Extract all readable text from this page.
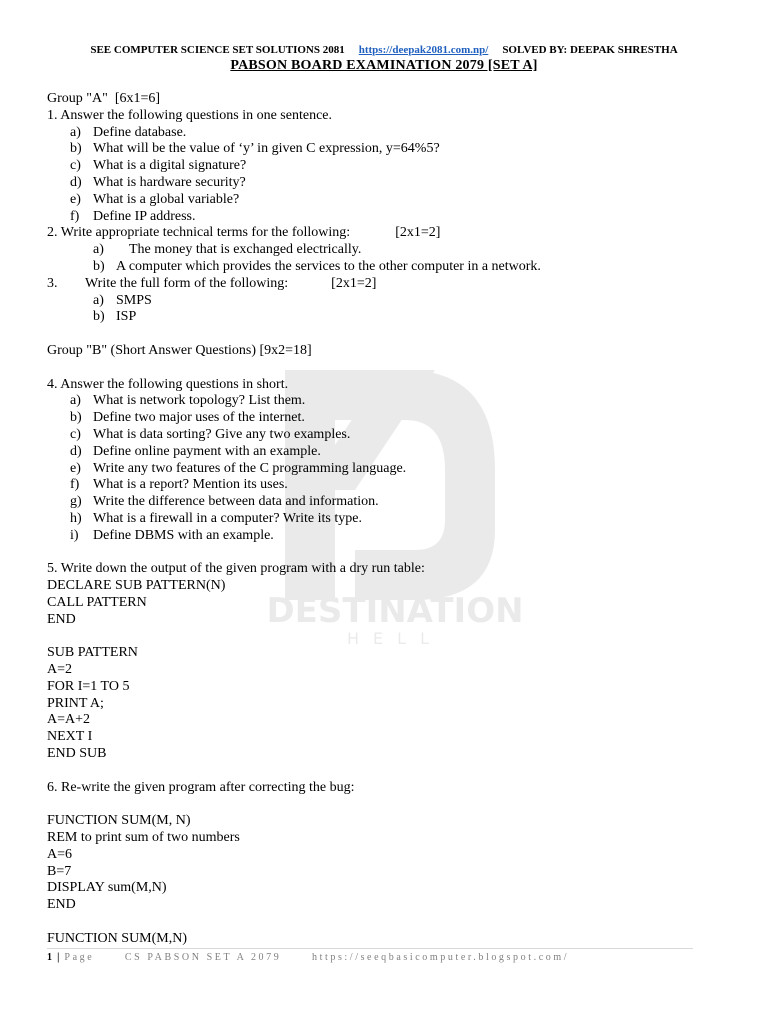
DESTINATION
HELL
SEE COMPUTER SCIENCE SET SOLUTIONS 2081 https://deepak2081.com.np/ SOLVED BY: DEEPAK SHRESTHA
PABSON BOARD EXAMINATION 2079 [SET A]
Group "A"  [6x1=6]
1. Answer the following questions in one sentence.
a) Define database.
b) What will be the value of ‘y’ in given C expression, y=64%5?
c) What is a digital signature?
d) What is hardware security?
e) What is a global variable?
f) Define IP address.
2. Write appropriate technical terms for the following:	[2x1=2]
a) The money that is exchanged electrically.
b) A computer which provides the services to the other computer in a network.
3. Write the full form of the following:	[2x1=2]
a) SMPS
b) ISP
Group "B" (Short Answer Questions) [9x2=18]
4. Answer the following questions in short.
a) What is network topology? List them.
b) Define two major uses of the internet.
c) What is data sorting? Give any two examples.
d) Define online payment with an example.
e) Write any two features of the C programming language.
f) What is a report? Mention its uses.
g) Write the difference between data and information.
h) What is a firewall in a computer? Write its type.
i) Define DBMS with an example.
5. Write down the output of the given program with a dry run table:
DECLARE SUB PATTERN(N)
CALL PATTERN
END
SUB PATTERN
A=2
FOR I=1 TO 5
PRINT A;
A=A+2
NEXT I
END SUB
6. Re-write the given program after correcting the bug:
FUNCTION SUM(M, N)
REM to print sum of two numbers
A=6
B=7
DISPLAY sum(M,N)
END
FUNCTION SUM(M,N)
1 | Page	CS PABSON SET A 2079	https://seeqbasicomputer.blogspot.com/
